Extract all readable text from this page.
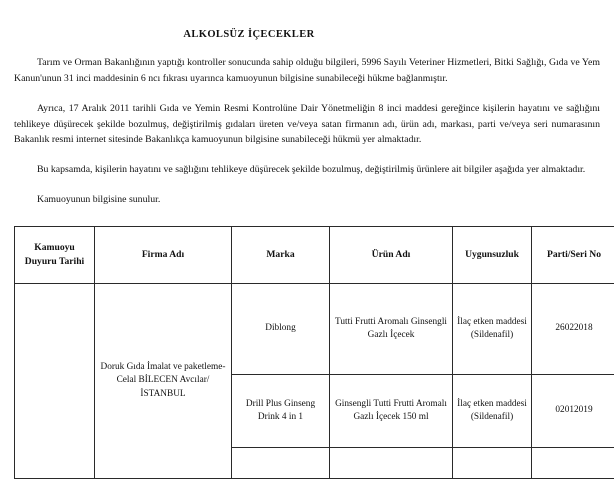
ALKOLSÜZ İÇECEKLER

Tarım ve Orman Bakanlığının yaptığı kontroller sonucunda sahip olduğu bilgileri, 5996 Sayılı Veteriner Hizmetleri, Bitki Sağlığı, Gıda ve Yem Kanun'unun 31 inci maddesinin 6 ncı fıkrası uyarınca kamuoyunun bilgisine sunabileceği hükme bağlanmıştır.

Ayrıca, 17 Aralık 2011 tarihli Gıda ve Yemin Resmi Kontrolüne Dair Yönetmeliğin 8 inci maddesi gereğince kişilerin hayatını ve sağlığını tehlikeye düşürecek şekilde bozulmuş, değiştirilmiş gıdaları üreten ve/veya satan firmanın adı, ürün adı, markası, parti ve/veya seri numarasının Bakanlık resmi internet sitesinde Bakanlıkça kamuoyunun bilgisine sunabileceği hükmü yer almaktadır.

Bu kapsamda, kişilerin hayatını ve sağlığını tehlikeye düşürecek şekilde bozulmuş, değiştirilmiş ürünlere ait bilgiler aşağıda yer almaktadır.

Kamuoyunun bilgisine sunulur.

Kamuoyu Duyuru Tarihi	Firma Adı	Marka	Ürün Adı	Uygunsuzluk	Parti/Seri No
	Doruk Gıda İmalat ve paketleme- Celal BİLECEN Avcılar/İSTANBUL	Diblong	Tutti Frutti Aromalı Ginsengli Gazlı İçecek	İlaç etken maddesi (Sildenafil)	26022018
		Drill Plus Ginseng Drink 4 in 1	Ginsengli Tutti Frutti Aromalı Gazlı İçecek 150 ml	İlaç etken maddesi (Sildenafil)	02012019
